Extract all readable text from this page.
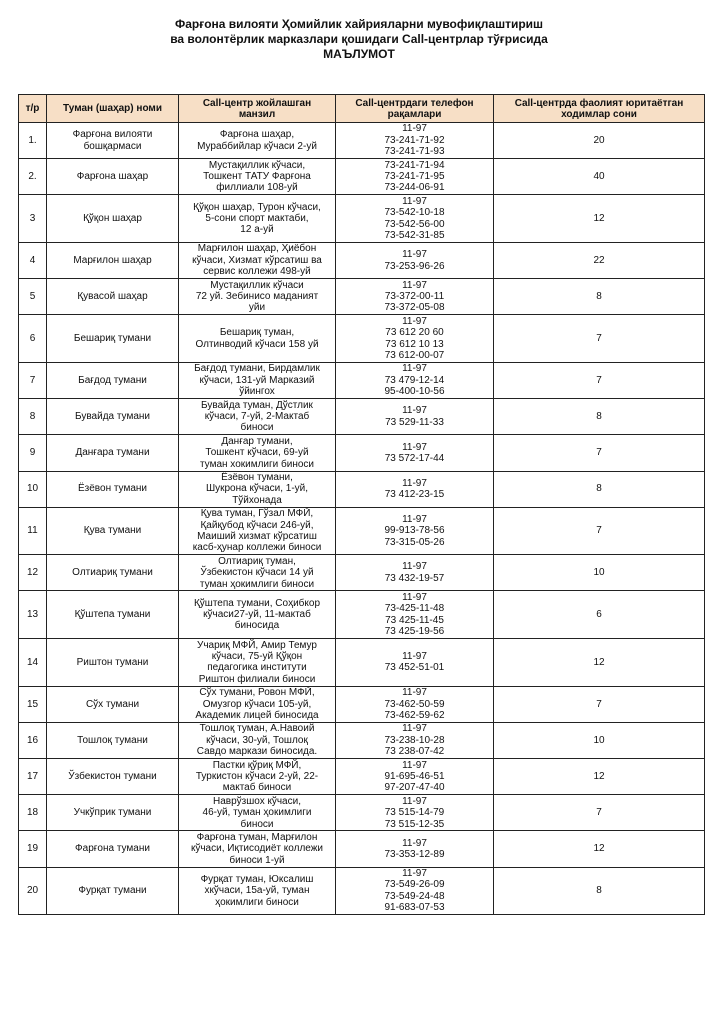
Фарғона вилояти Ҳомийлик хайрияларни мувофиқлаштириш
ва волонтёрлик марказлари қошидаги Call-центрлар тўғрисида
МАЪЛУМОТ
т/р	Туман (шаҳар) номи	Call-центр жойлашган
манзил	Call-центрдаги телефон
рақамлари	Call-центрда фаолият юритаётган
ходимлар сони

1.	Фарғона вилояти
бошқармаси	Фарғона шаҳар,
Мураббийлар кўчаси 2-уй	11-97
73-241-71-92
73-241-71-93	20
2.	Фарғона шаҳар	Мустақиллик кўчаси,
Тошкент ТАТУ Фарғона
филлиали 108-уй	73-241-71-94
73-241-71-95
73-244-06-91	40
3	Қўқон шаҳар	Қўқон шаҳар, Турон кўчаси,
5-сони спорт мактаби,
12 а-уй	11-97
73-542-10-18
73-542-56-00
73-542-31-85	12
4	Марғилон шаҳар	Марғилон шаҳар, Ҳиёбон
кўчаси, Хизмат кўрсатиш ва
сервис коллежи 498-уй	11-97
73-253-96-26	22
5	Қувасой шаҳар	Мустақиллик кўчаси
72 уй. Зебинисо маданият
уйи	11-97
73-372-00-11
73-372-05-08	8
6	Бешариқ тумани	Бешариқ туман,
Олтинводий кўчаси 158 уй	11-97
73 612 20 60
73 612 10 13
73 612-00-07	7
7	Бағдод тумани	Бағдод тумани, Бирдамлик
кўчаси, 131-уй Марказий
ўйингох	11-97
73 479-12-14
95-400-10-56	7
8	Бувайда тумани	Бувайда туман, Дўстлик
кўчаси, 7-уй, 2-Мактаб
биноси	11-97
73 529-11-33	8
9	Данғара тумани	Данғар тумани,
Тошкент кўчаси, 69-уй
туман хокимлиги биноси	11-97
73 572-17-44	7
10	Ёзёвон тумани	Ёзёвон тумани,
Шукрона кўчаси, 1-уй,
Тўйхонада	11-97
73 412-23-15	8
11	Қува тумани	Қува туман, Гўзал МФЙ,
Қайқубод кўчаси 246-уй,
Маиший хизмат кўрсатиш
касб-ҳунар коллежи биноси	11-97
99-913-78-56
73-315-05-26	7
12	Олтиариқ тумани	Олтиариқ туман,
Ўзбекистон кўчаси 14 уй
туман ҳокимлиги биноси	11-97
73 432-19-57	10
13	Қўштепа тумани	Қўштепа тумани, Соҳибкор
кўчаси27-уй, 11-мактаб
биносида	11-97
73-425-11-48
73 425-11-45
73 425-19-56	6
14	Риштон тумани	Учариқ МФЙ, Амир Темур
кўчаси, 75-уй Қўқон
педагогика институти
Риштон филиали биноси	11-97
73 452-51-01	12
15	Сўх тумани	Сўх тумани, Ровон МФЙ,
Омузгор кўчаси 105-уй,
Академик лицей биносида	11-97
73-462-50-59
73-462-59-62	7
16	Тошлоқ тумани	Тошлоқ туман, А.Навоий
кўчаси, 30-уй, Тошлоқ
Савдо маркази биносида.	11-97
73-238-10-28
73 238-07-42	10
17	Ўзбекистон тумани	Пастки қўриқ МФЙ,
Туркистон кўчаси 2-уй, 22-
мактаб биноси	11-97
91-695-46-51
97-207-47-40	12
18	Учкўприк тумани	Наврўзшох кўчаси,
46-уй, туман ҳокимлиги
биноси	11-97
73 515-14-79
73 515-12-35	7
19	Фарғона тумани	Фарғона туман, Марғилон
кўчаси, Иқтисодиёт коллежи
биноси 1-уй	11-97
73-353-12-89	12
20	Фурқат тумани	Фурқат туман, Юксалиш
хкўчаси, 15а-уй, туман
ҳокимлиги биноси	11-97
73-549-26-09
73-549-24-48
91-683-07-53	8
